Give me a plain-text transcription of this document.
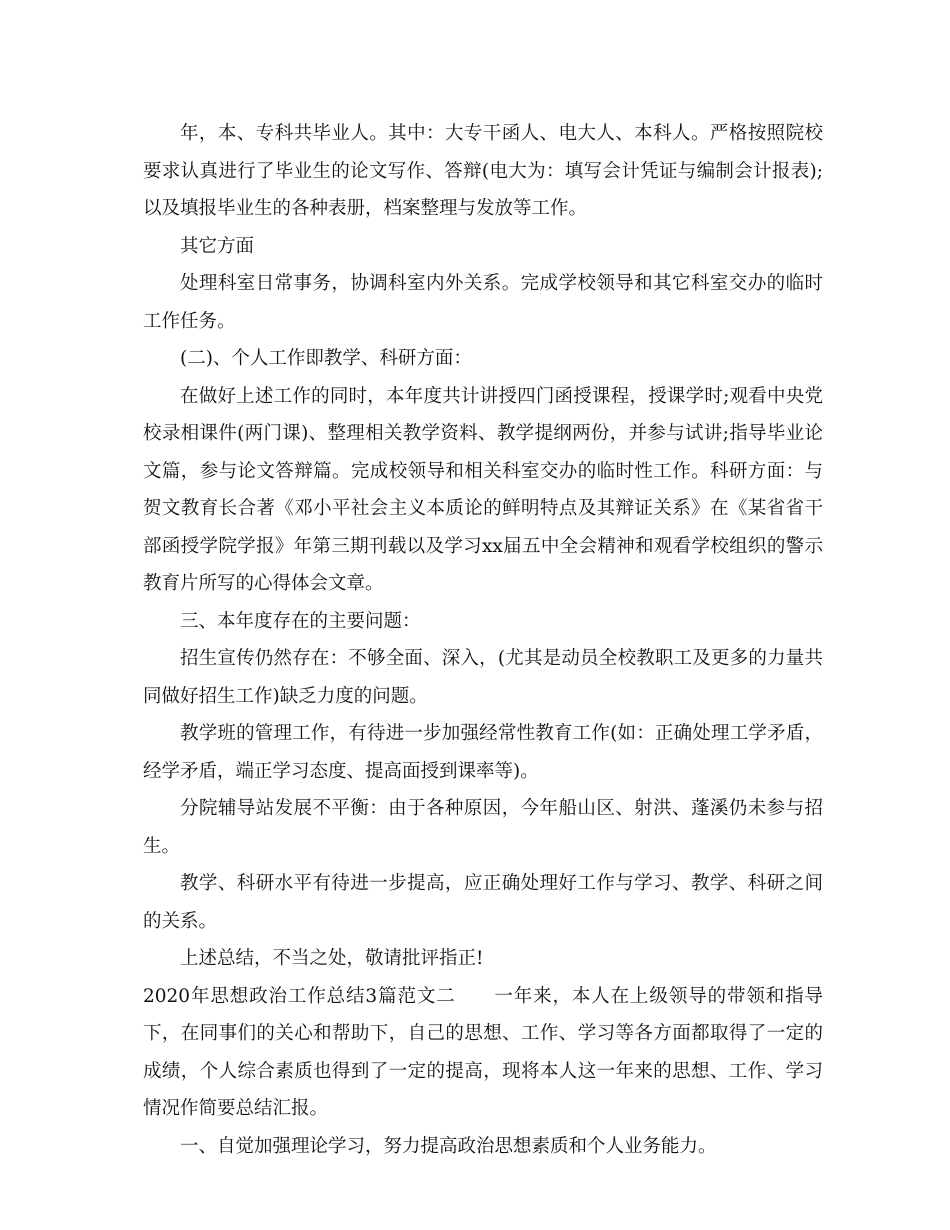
年，本、专科共毕业人。其中：大专干函人、电大人、本科人。严格按照院校要求认真进行了毕业生的论文写作、答辩(电大为：填写会计凭证与编制会计报表);以及填报毕业生的各种表册，档案整理与发放等工作。

其它方面

处理科室日常事务，协调科室内外关系。完成学校领导和其它科室交办的临时工作任务。

(二)、个人工作即教学、科研方面：

在做好上述工作的同时，本年度共计讲授四门函授课程，授课学时;观看中央党校录相课件(两门课)、整理相关教学资料、教学提纲两份，并参与试讲;指导毕业论文篇，参与论文答辩篇。完成校领导和相关科室交办的临时性工作。科研方面：与贺文教育长合著《邓小平社会主义本质论的鲜明特点及其辩证关系》在《某省省干部函授学院学报》年第三期刊载以及学习xx届五中全会精神和观看学校组织的警示教育片所写的心得体会文章。

三、本年度存在的主要问题：

招生宣传仍然存在：不够全面、深入，(尤其是动员全校教职工及更多的力量共同做好招生工作)缺乏力度的问题。

教学班的管理工作，有待进一步加强经常性教育工作(如：正确处理工学矛盾，经学矛盾，端正学习态度、提高面授到课率等)。

分院辅导站发展不平衡：由于各种原因，今年船山区、射洪、蓬溪仍未参与招生。

教学、科研水平有待进一步提高，应正确处理好工作与学习、教学、科研之间的关系。

上述总结，不当之处，敬请批评指正!

2020年思想政治工作总结3篇范文二　　一年来，本人在上级领导的带领和指导下，在同事们的关心和帮助下，自己的思想、工作、学习等各方面都取得了一定的成绩，个人综合素质也得到了一定的提高，现将本人这一年来的思想、工作、学习情况作简要总结汇报。

一、自觉加强理论学习，努力提高政治思想素质和个人业务能力。
